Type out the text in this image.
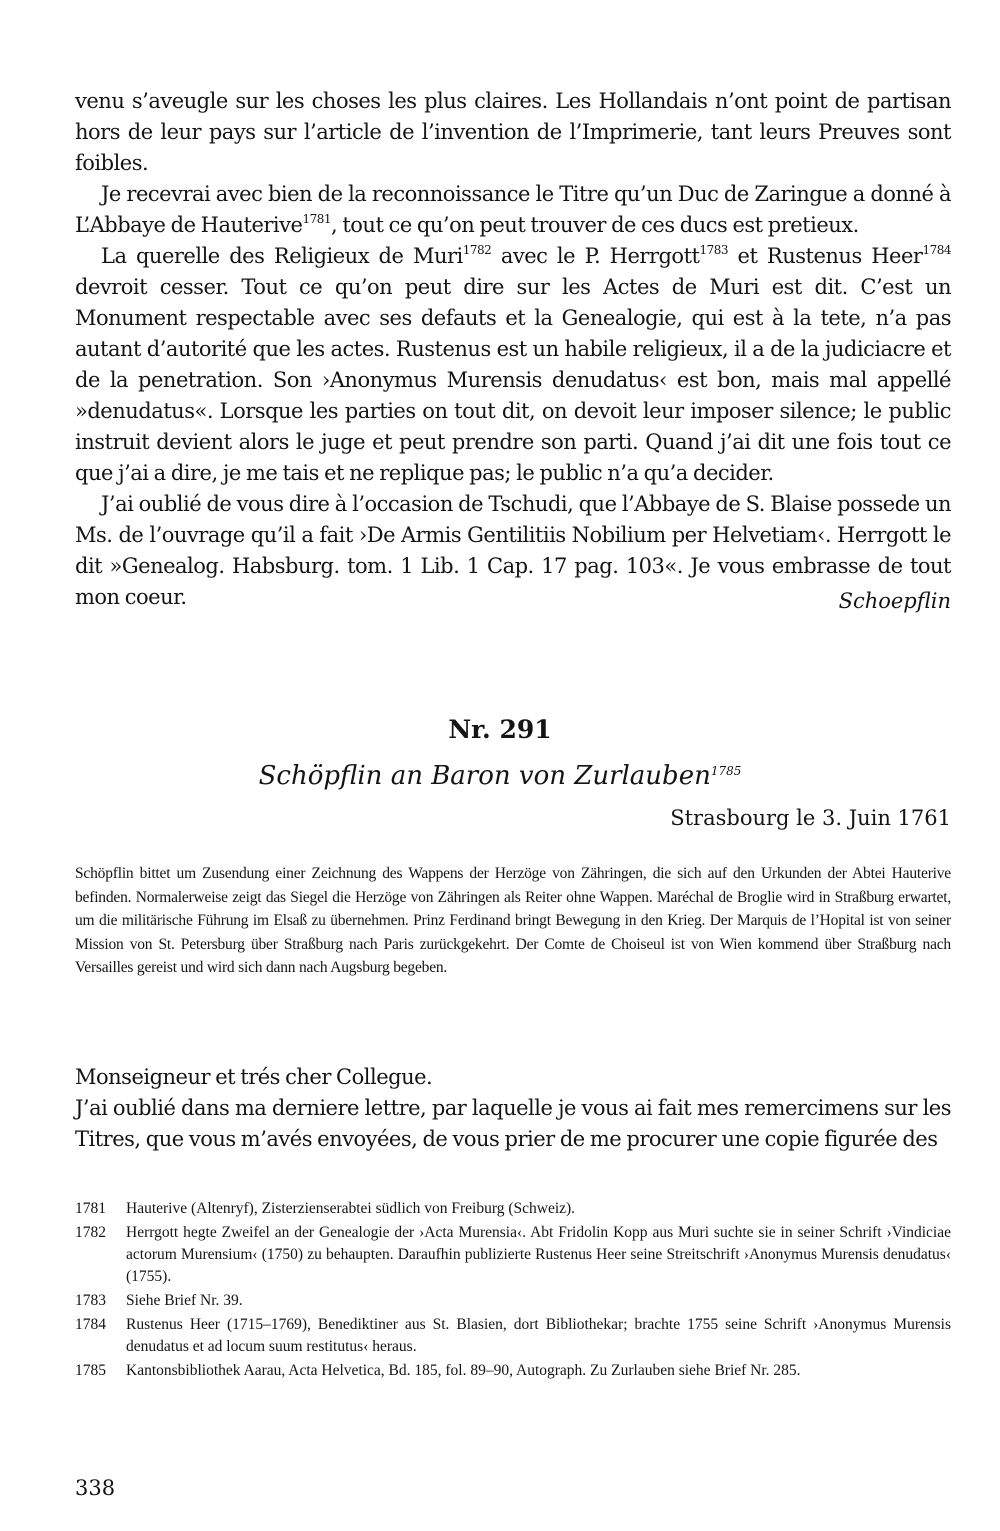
venu s’aveugle sur les choses les plus claires. Les Hollandais n’ont point de partisan hors de leur pays sur l’article de l’invention de l’Imprimerie, tant leurs Preuves sont foibles.

Je recevrai avec bien de la reconnoissance le Titre qu’un Duc de Zaringue a donné à L’Abbaye de Hauterive$^{1781}$, tout ce qu’on peut trouver de ces ducs est pretieux.

La querelle des Religieux de Muri$^{1782}$ avec le P. Herrgott$^{1783}$ et Rustenus Heer$^{1784}$ devroit cesser. Tout ce qu’on peut dire sur les Actes de Muri est dit. C’est un Monument respectable avec ses defauts et la Genealogie, qui est à la tete, n’a pas autant d’autorité que les actes. Rustenus est un habile religieux, il a de la judiciacre et de la penetration. Son ›Anonymus Murensis denudatus‹ est bon, mais mal appellé »denudatus«. Lorsque les parties on tout dit, on devoit leur imposer silence; le public instruit devient alors le juge et peut prendre son parti. Quand j’ai dit une fois tout ce que j’ai a dire, je me tais et ne replique pas; le public n’a qu’a decider.

J’ai oublié de vous dire à l’occasion de Tschudi, que l’Abbaye de S. Blaise possede un Ms. de l’ouvrage qu’il a fait ›De Armis Gentilitiis Nobilium per Helvetiam‹. Herrgott le dit »Genealog. Habsburg. tom. 1 Lib. 1 Cap. 17 pag. 103«. Je vous embrasse de tout mon coeur.	Schoepflin

Nr. 291

Schöpflin an Baron von Zurlauben$^{1785}$

Strasbourg le 3. Juin 1761

Schöpflin bittet um Zusendung einer Zeichnung des Wappens der Herzöge von Zähringen, die sich auf den Urkunden der Abtei Hauterive befinden. Normalerweise zeigt das Siegel die Herzöge von Zähringen als Reiter ohne Wappen. Maréchal de Broglie wird in Straßburg erwartet, um die militärische Führung im Elsaß zu übernehmen. Prinz Ferdinand bringt Bewegung in den Krieg. Der Marquis de l’Hopital ist von seiner Mission von St. Petersburg über Straßburg nach Paris zurückgekehrt. Der Comte de Choiseul ist von Wien kommend über Straßburg nach Versailles gereist und wird sich dann nach Augsburg begeben.

Monseigneur et trés cher Collegue.

J’ai oublié dans ma derniere lettre, par laquelle je vous ai fait mes remercimens sur les Titres, que vous m’avés envoyées, de vous prier de me procurer une copie figurée des

1781	Hauterive (Altenryf), Zisterzienserabtei südlich von Freiburg (Schweiz).
1782	Herrgott hegte Zweifel an der Genealogie der ›Acta Murensia‹. Abt Fridolin Kopp aus Muri suchte sie in seiner Schrift ›Vindiciae actorum Murensium‹ (1750) zu behaupten. Daraufhin publizierte Rustenus Heer seine Streitschrift ›Anonymus Murensis denudatus‹ (1755).
1783	Siehe Brief Nr. 39.
1784	Rustenus Heer (1715–1769), Benediktiner aus St. Blasien, dort Bibliothekar; brachte 1755 seine Schrift ›Anonymus Murensis denudatus et ad locum suum restitutus‹ heraus.
1785	Kantonsbibliothek Aarau, Acta Helvetica, Bd. 185, fol. 89–90, Autograph. Zu Zurlauben siehe Brief Nr. 285.

338
